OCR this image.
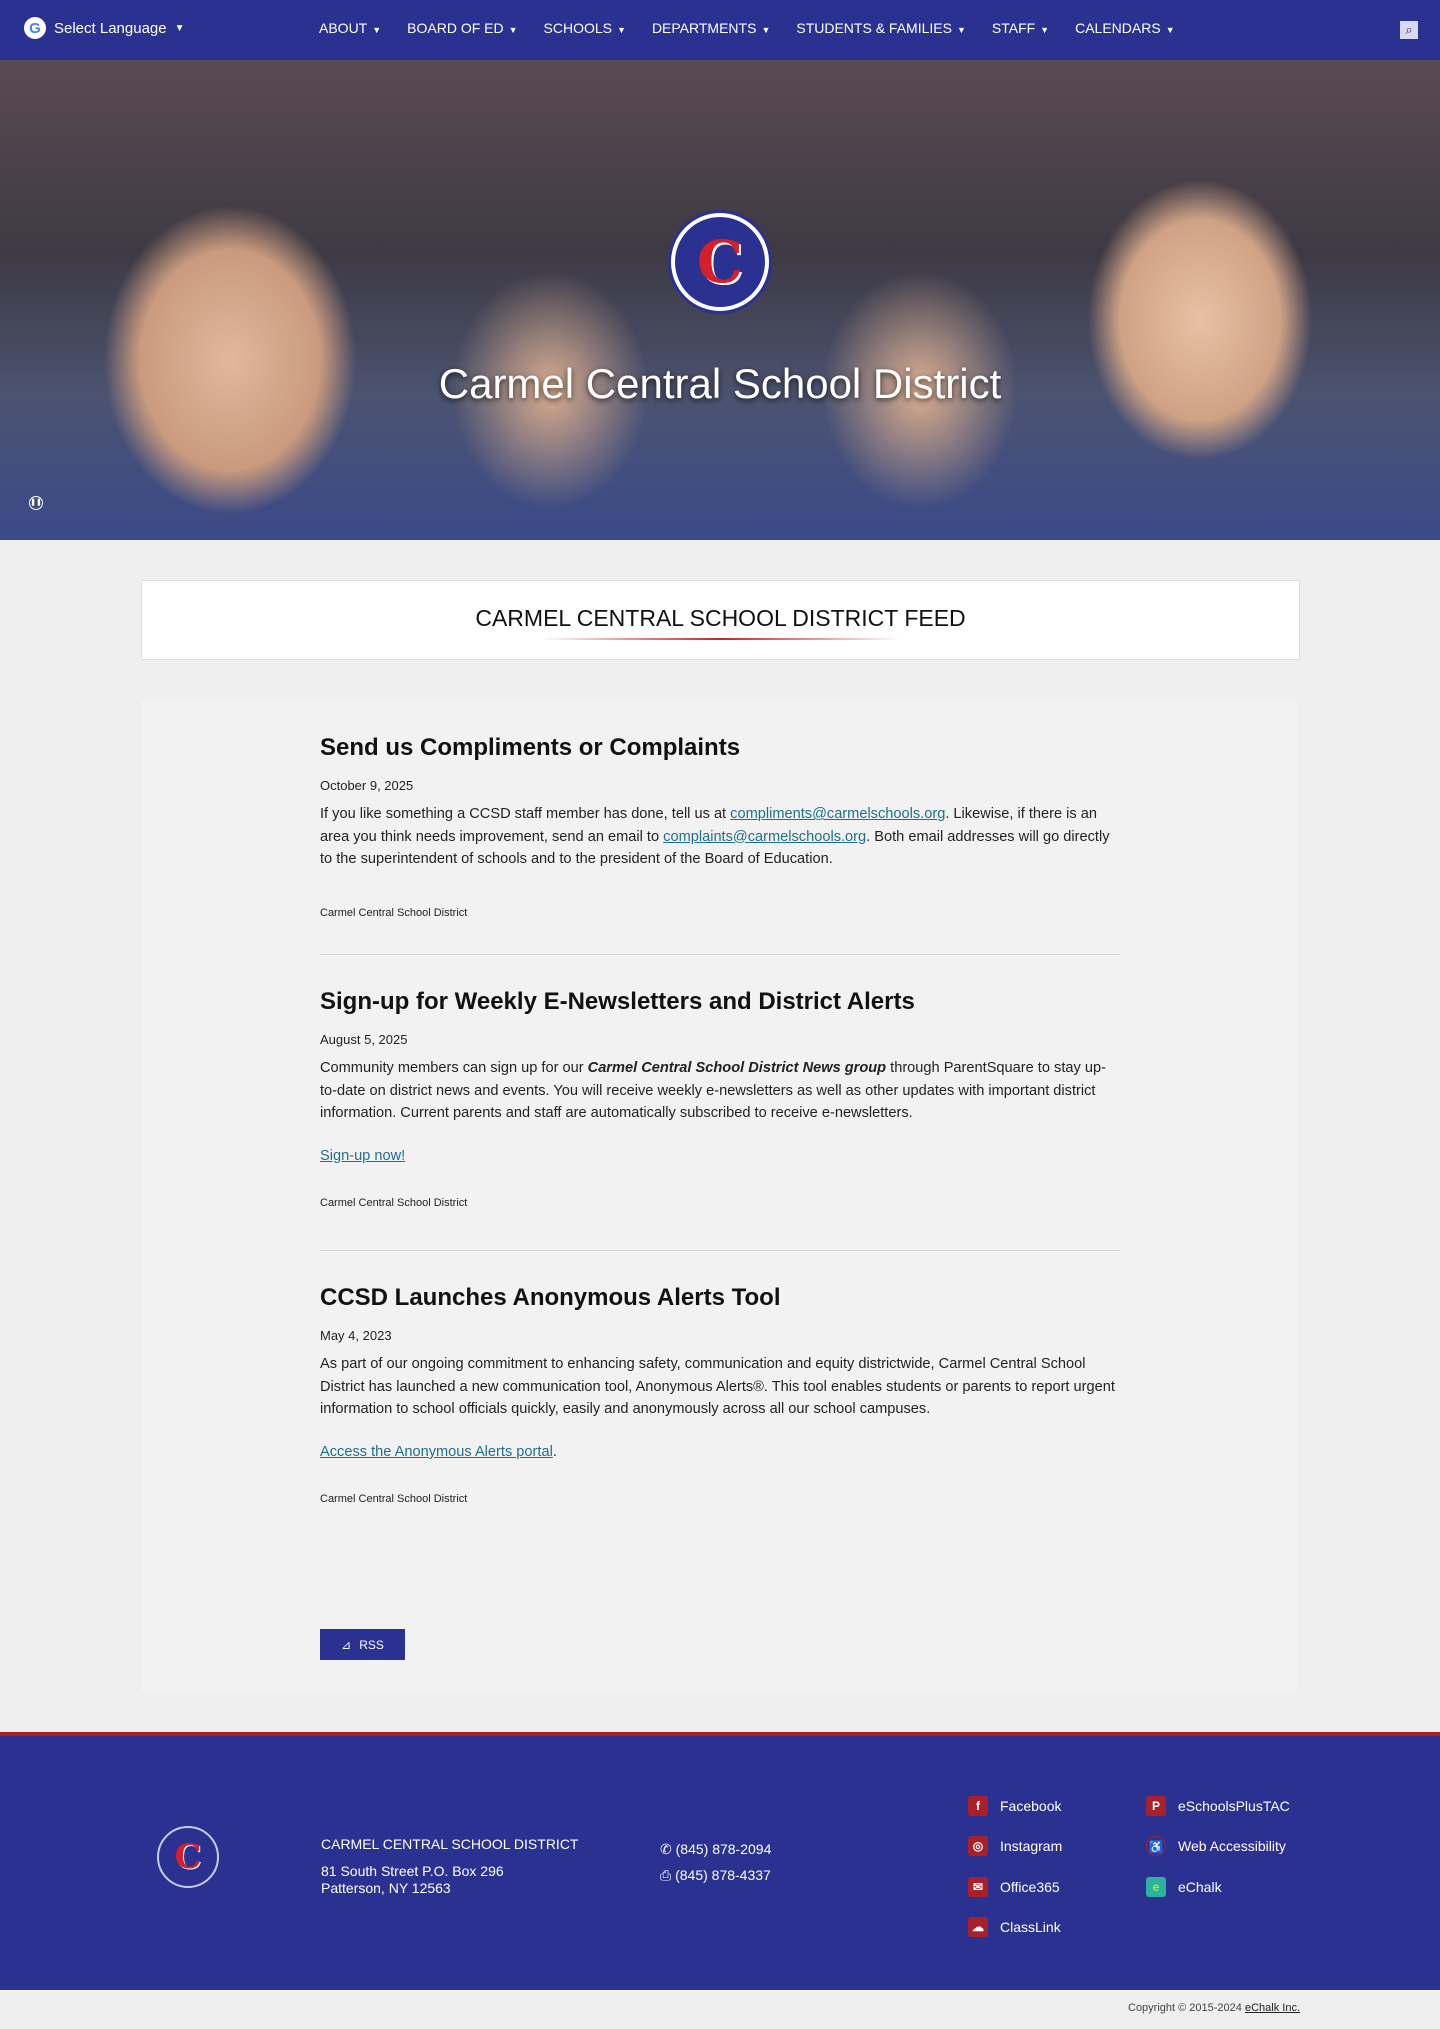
G Select Language ▼	ABOUT ▼ BOARD OF ED ▼ SCHOOLS ▼ DEPARTMENTS ▼ STUDENTS & FAMILIES ▼ STAFF ▼ CALENDARS ▼	⌕
C
Carmel Central School District
❚❚
CARMEL CENTRAL SCHOOL DISTRICT FEED
Send us Compliments or Complaints
October 9, 2025
If you like something a CCSD staff member has done, tell us at compliments@carmelschools.org. Likewise, if there is an area you think needs improvement, send an email to complaints@carmelschools.org. Both email addresses will go directly to the superintendent of schools and to the president of the Board of Education.
Carmel Central School District
Sign-up for Weekly E-Newsletters and District Alerts
August 5, 2025
Community members can sign up for our Carmel Central School District News group through ParentSquare to stay up-to-date on district news and events. You will receive weekly e-newsletters as well as other updates with important district information. Current parents and staff are automatically subscribed to receive e-newsletters.
Sign-up now!
Carmel Central School District
CCSD Launches Anonymous Alerts Tool
May 4, 2023
As part of our ongoing commitment to enhancing safety, communication and equity districtwide, Carmel Central School District has launched a new communication tool, Anonymous Alerts®. This tool enables students or parents to report urgent information to school officials quickly, easily and anonymously across all our school campuses.
Access the Anonymous Alerts portal.
Carmel Central School District
⊿ RSS
C	CARMEL CENTRAL SCHOOL DISTRICT
81 South Street P.O. Box 296
Patterson, NY 12563
✆ (845) 878-2094
⎙ (845) 878-4337
f	Facebook
◎	Instagram
✉	Office365
☁ ClassLink
P	eSchoolsPlusTAC
♿ Web Accessibility
e	eChalk
Copyright © 2015-2024 eChalk Inc.
